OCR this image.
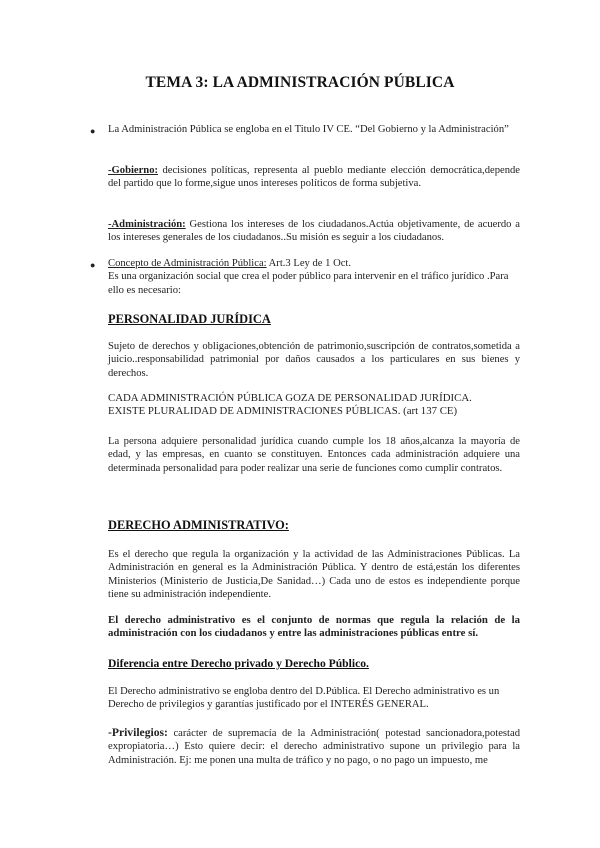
TEMA 3: LA ADMINISTRACIÓN PÚBLICA
● La Administración Pública se engloba en el Titulo IV CE. “Del Gobierno y la Administración”
-Gobierno: decisiones políticas, representa al pueblo mediante elección democrática,depende del partido que lo forme,sigue unos intereses políticos de forma subjetiva.
-Administración: Gestiona los intereses de los ciudadanos.Actúa objetivamente, de acuerdo a los intereses generales de los ciudadanos..Su misión es seguir a los ciudadanos.
● Concepto de Administración Pública: Art.3 Ley de 1 Oct.
Es una organización social que crea el poder público para intervenir en el tráfico jurídico .Para ello es necesario:
PERSONALIDAD JURÍDICA
Sujeto de derechos y obligaciones,obtención de patrimonio,suscripción de contratos,sometida a juicio..responsabilidad patrimonial por daños causados a los particulares en sus bienes y derechos.
CADA ADMINISTRACIÓN PÚBLICA GOZA DE PERSONALIDAD JURÍDICA.
EXISTE PLURALIDAD DE ADMINISTRACIONES PÚBLICAS. (art 137 CE)
La persona adquiere personalidad jurídica cuando cumple los 18 años,alcanza la mayoría de edad, y las empresas, en cuanto se constituyen. Entonces cada administración adquiere una determinada personalidad para poder realizar una serie de funciones como cumplir contratos.
DERECHO ADMINISTRATIVO:
Es el derecho que regula la organización y la actividad de las Administraciones Públicas. La Administración en general es la Administración Pública. Y dentro de está,están los diferentes Ministerios (Ministerio de Justicia,De Sanidad…) Cada uno de estos es independiente porque tiene su administración independiente.
El derecho administrativo es el conjunto de normas que regula la relación de la administración con los ciudadanos y entre las administraciones públicas entre sí.
Diferencia entre Derecho privado y Derecho Público.
El Derecho administrativo se engloba dentro del D.Pública. El Derecho administrativo es un Derecho de privilegios y garantías justificado por el INTERÉS GENERAL.
-Privilegios: carácter de supremacía de la Administración( potestad sancionadora,potestad expropiatoria…) Esto quiere decir: el derecho administrativo supone un privilegio para la Administración. Ej: me ponen una multa de tráfico y no pago, o no pago un impuesto, me
